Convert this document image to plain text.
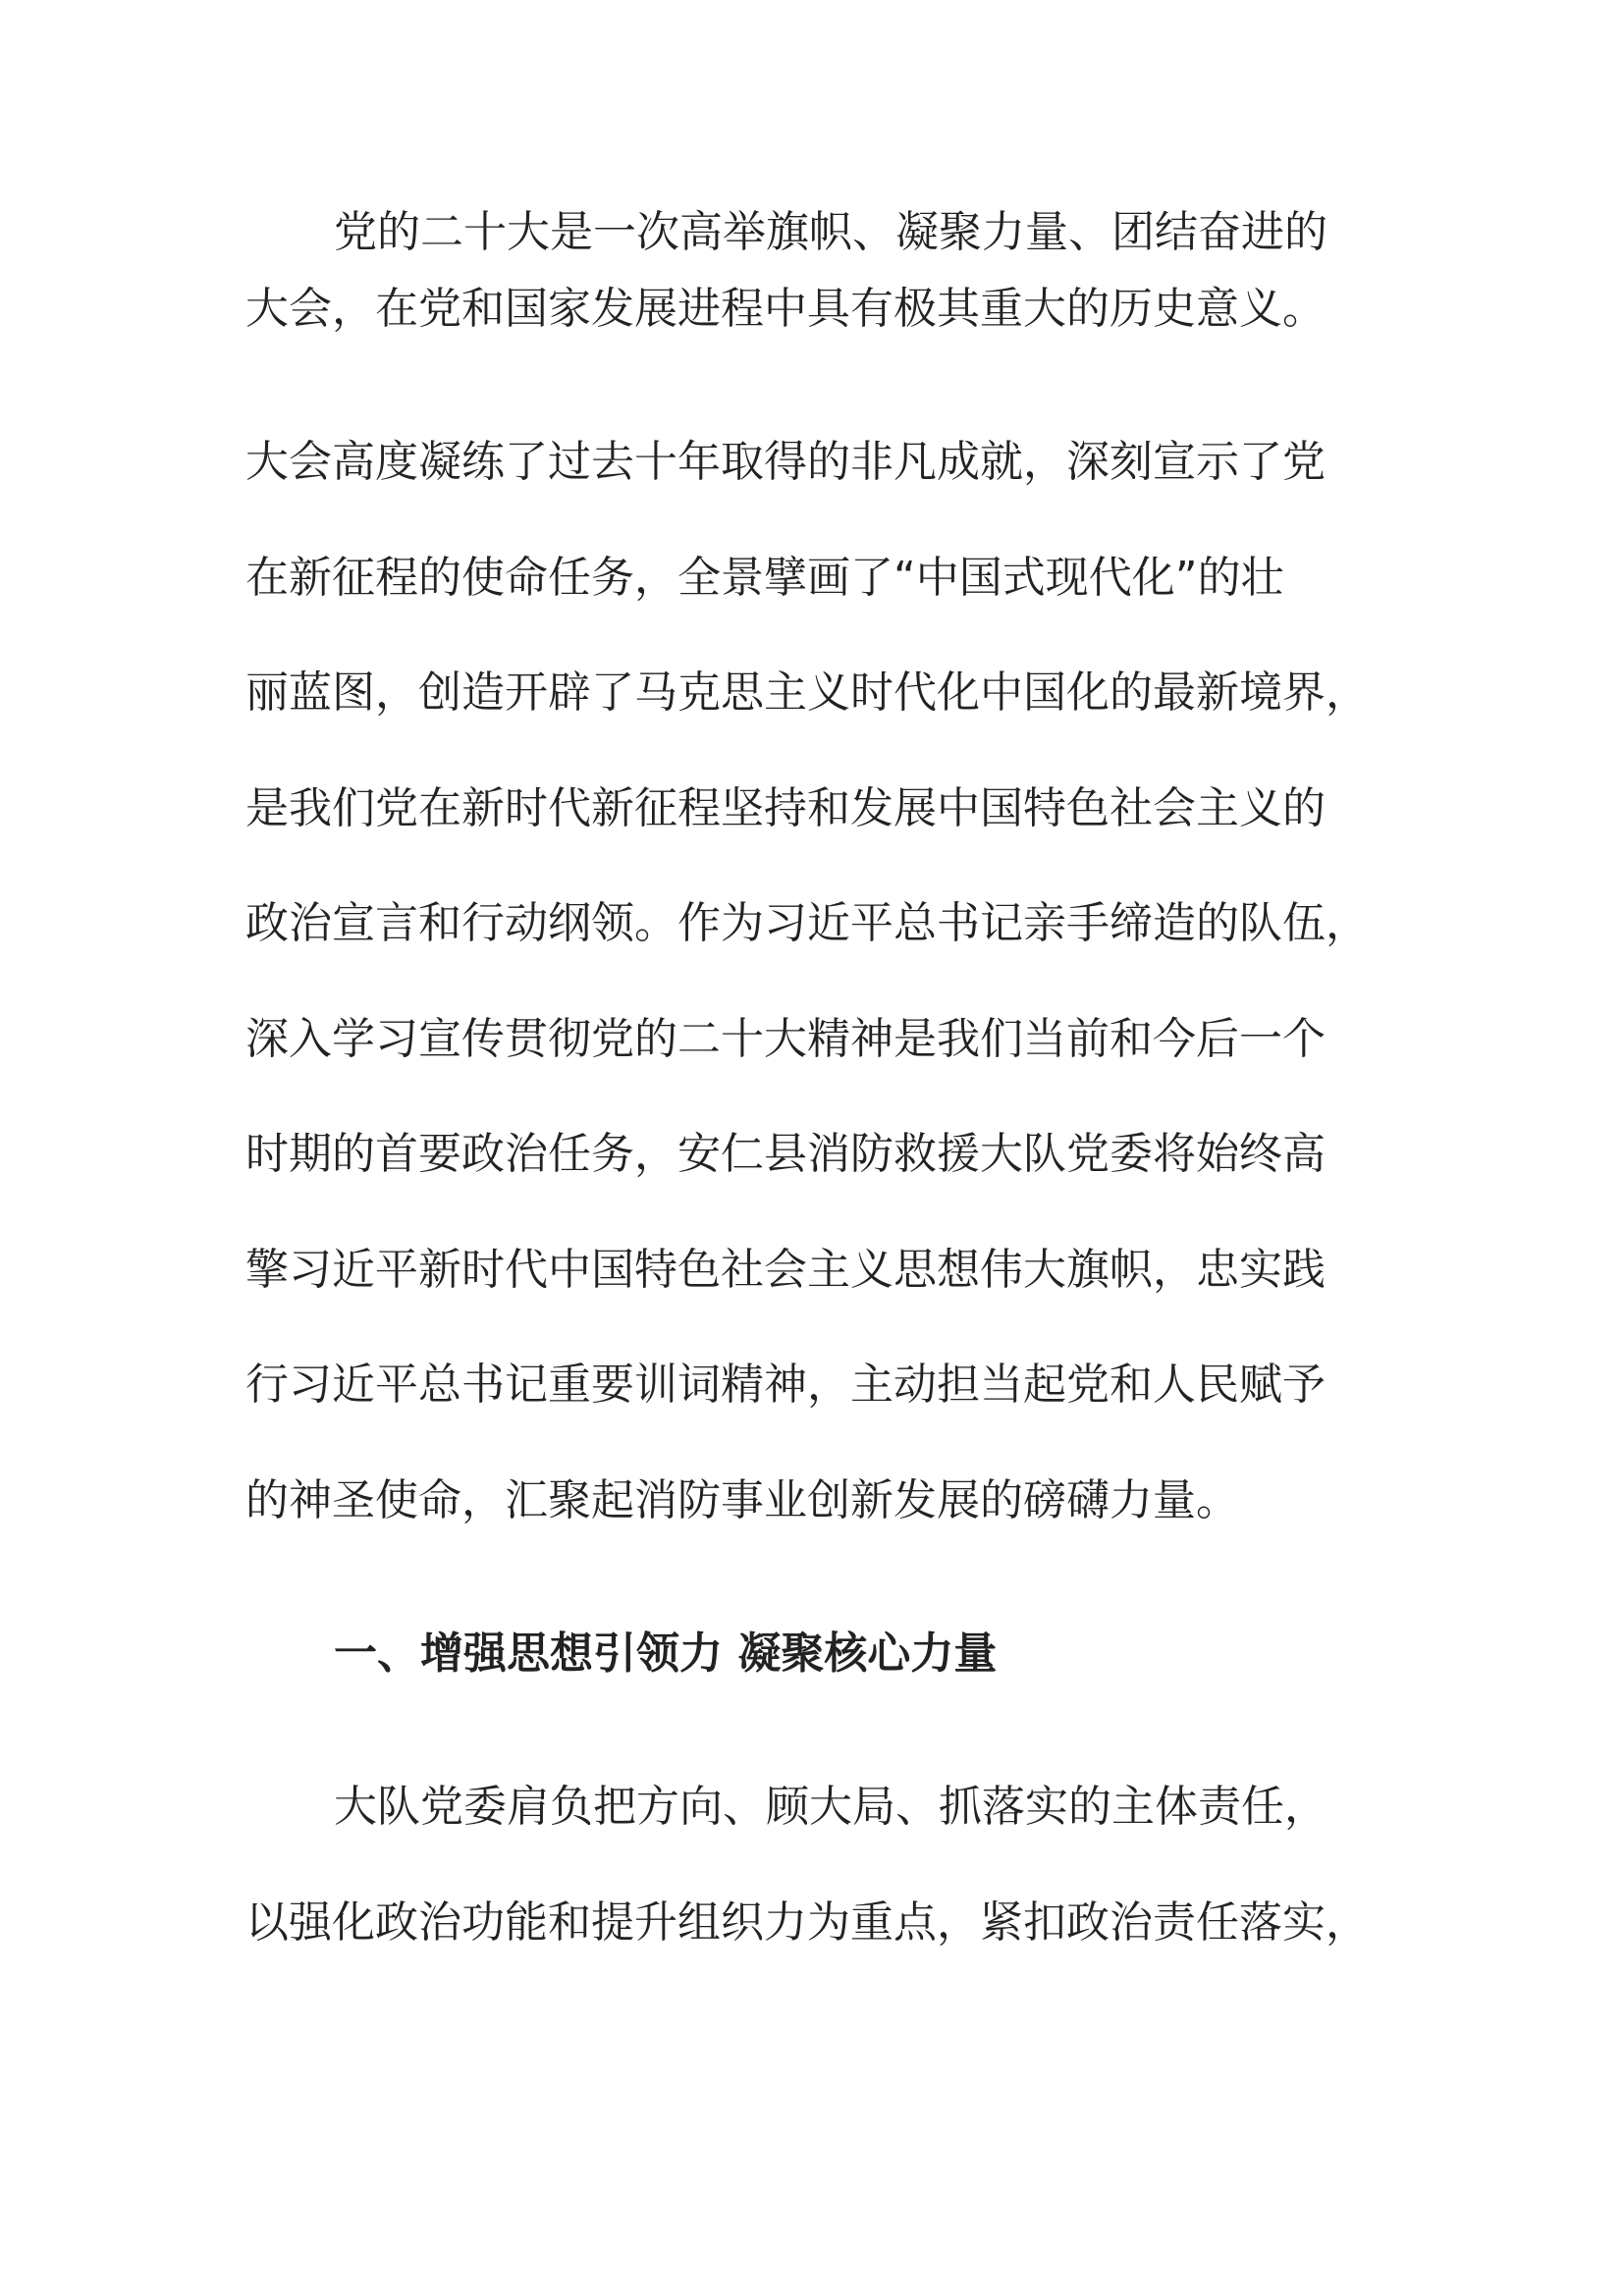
党的二十大是一次高举旗帜、凝聚力量、团结奋进的
大会，在党和国家发展进程中具有极其重大的历史意义。
大会高度凝练了过去十年取得的非凡成就，深刻宣示了党
在新征程的使命任务，全景擘画了“中国式现代化”的壮
丽蓝图，创造开辟了马克思主义时代化中国化的最新境界，
是我们党在新时代新征程坚持和发展中国特色社会主义的
政治宣言和行动纲领。作为习近平总书记亲手缔造的队伍，
深入学习宣传贯彻党的二十大精神是我们当前和今后一个
时期的首要政治任务，安仁县消防救援大队党委将始终高
擎习近平新时代中国特色社会主义思想伟大旗帜，忠实践
行习近平总书记重要训词精神，主动担当起党和人民赋予
的神圣使命，汇聚起消防事业创新发展的磅礴力量。
一、增强思想引领力 凝聚核心力量
大队党委肩负把方向、顾大局、抓落实的主体责任，
以强化政治功能和提升组织力为重点，紧扣政治责任落实，
